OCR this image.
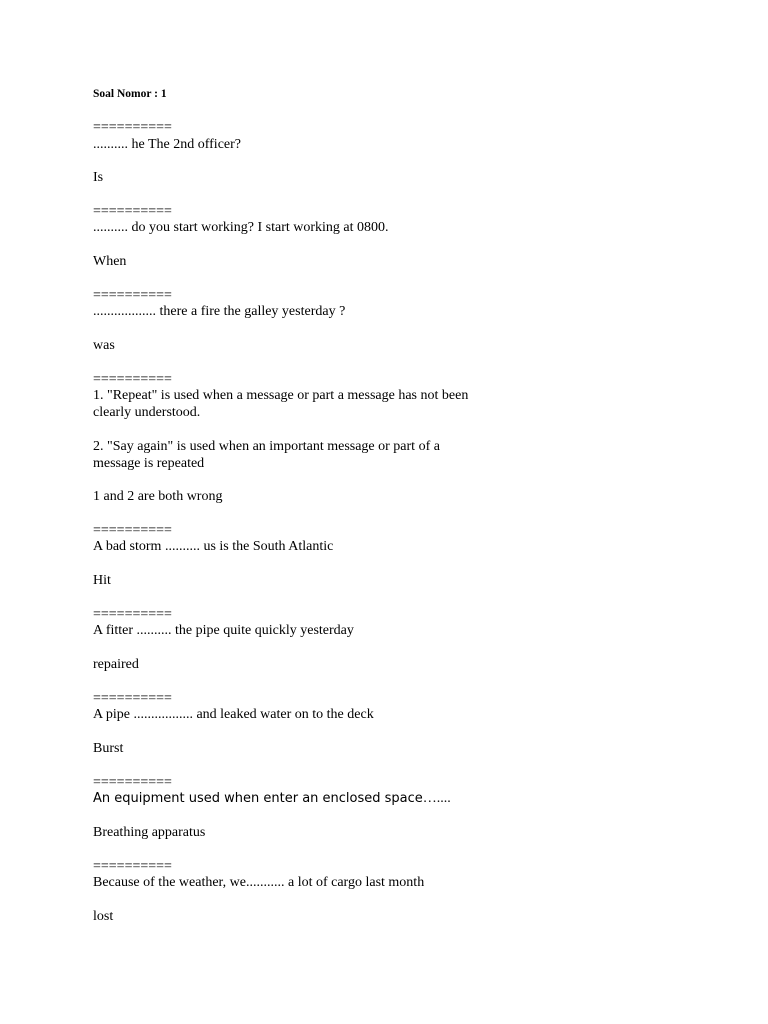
Soal Nomor : 1

==========

.......... he The 2nd officer?

Is

==========

.......... do you start working? I start working at 0800.

When

==========

.................. there a fire the galley yesterday ?

was

==========

1. "Repeat" is used when a message or part a message has not been

clearly understood.

2. "Say again" is used when an important message or part of a

message is repeated

1 and 2 are both wrong

==========

A bad storm .......... us is the South Atlantic

Hit

==========

A fitter .......... the pipe quite quickly yesterday

repaired

==========

A pipe ................. and leaked water on to the deck

Burst

==========

An equipment used when enter an enclosed space…....

Breathing apparatus

==========

Because of the weather, we........... a lot of cargo last month

lost
